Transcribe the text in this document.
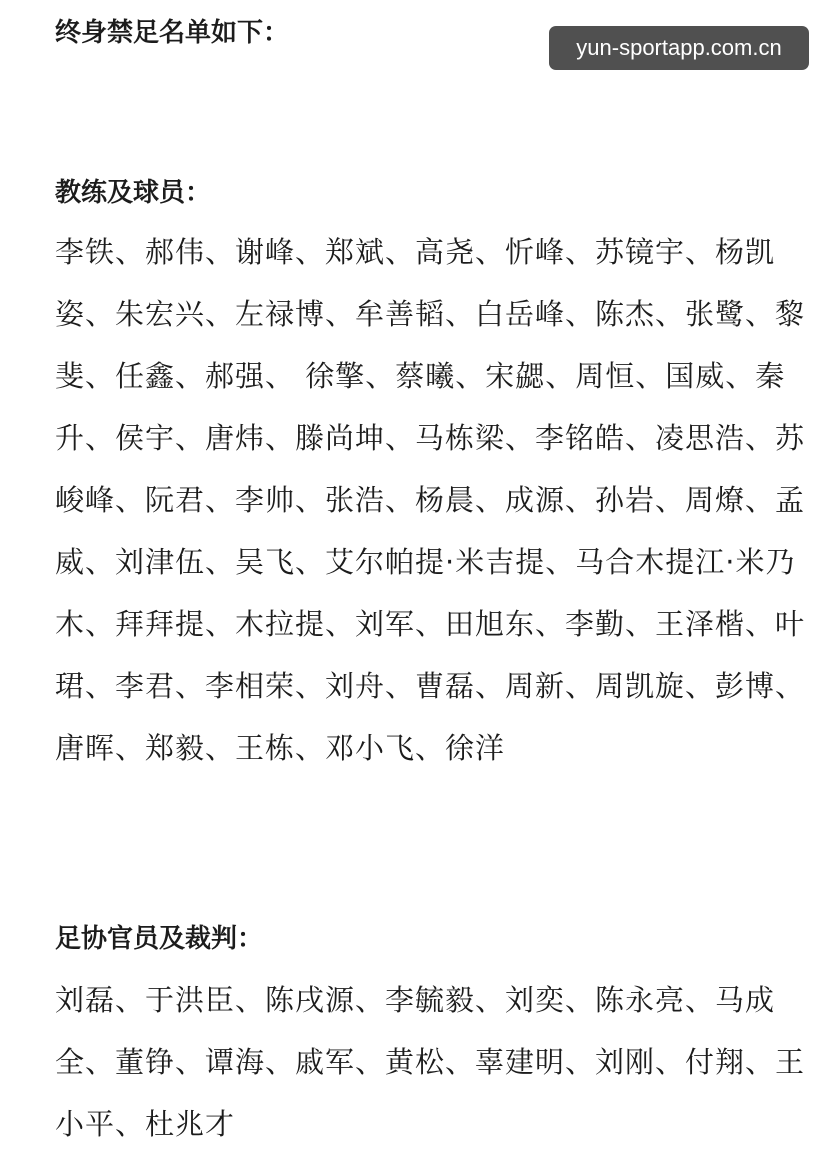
yun-sportapp.com.cn
终身禁足名单如下：
教练及球员：

李铁、郝伟、谢峰、郑斌、高尧、忻峰、苏镜宇、杨凯姿、朱宏兴、左禄博、牟善韬、白岳峰、陈杰、张鹭、黎斐、任鑫、郝强、 徐擎、蔡曦、宋勰、周恒、国威、秦升、侯宇、唐炜、滕尚坤、马栋梁、李铭皓、凌思浩、苏峻峰、阮君、李帅、张浩、杨晨、成源、孙岩、周燎、孟威、刘津伍、吴飞、艾尔帕提·米吉提、马合木提江·米乃木、拜拜提、木拉提、刘军、田旭东、李勤、王泽楷、叶珺、李君、李相荣、刘舟、曹磊、周新、周凯旋、彭博、唐晖、郑毅、王栋、邓小飞、徐洋

足协官员及裁判：

刘磊、于洪臣、陈戌源、李毓毅、刘奕、陈永亮、马成全、董铮、谭海、戚军、黄松、辜建明、刘刚、付翔、王小平、杜兆才
